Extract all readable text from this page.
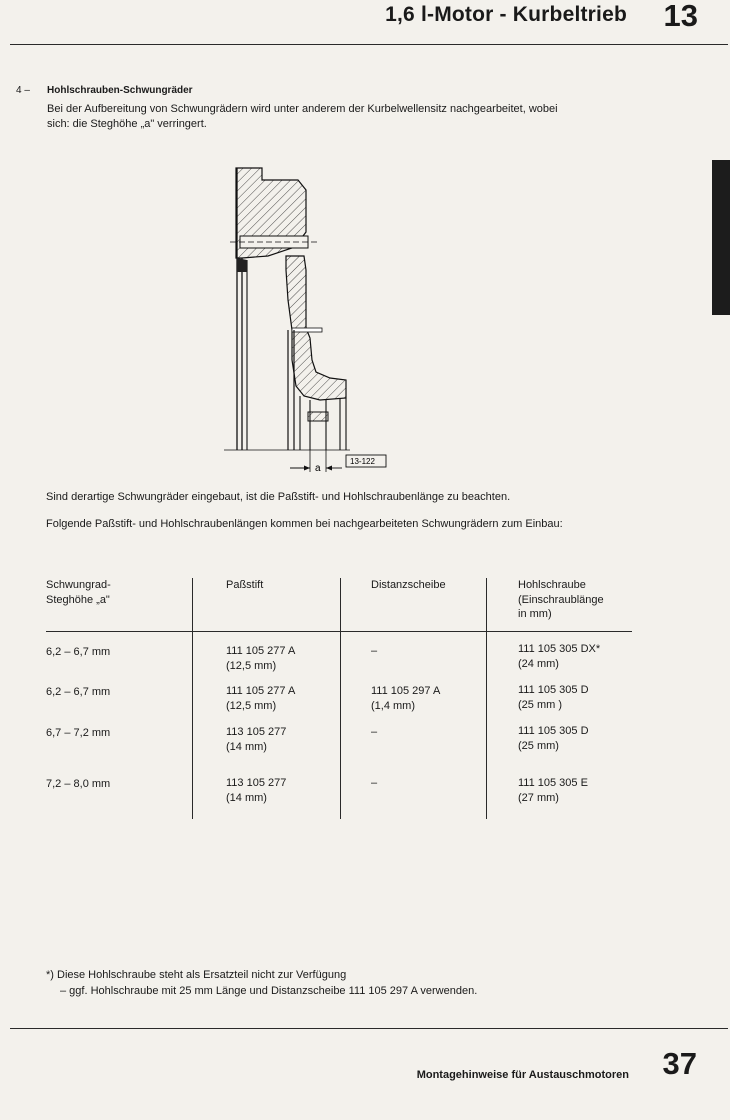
1,6 l-Motor - Kurbeltrieb 13
4 – Hohlschrauben-Schwungräder
Bei der Aufbereitung von Schwungrädern wird unter anderem der Kurbelwellensitz nachgearbeitet, wobei
sich: die Steghöhe „a" verringert.
a
13-122
Sind derartige Schwungräder eingebaut, ist die Paßstift- und Hohlschraubenlänge zu beachten.
Folgende Paßstift- und Hohlschraubenlängen kommen bei nachgearbeiteten Schwungrädern zum Einbau:
Schwungrad-
Steghöhe „a"
Paßstift	Distanzscheibe	Hohlschraube
(Einschraublänge
in mm)
6,2 – 6,7 mm	111 105 277 A
(12,5 mm)
–	111 105 305 DX*
(24 mm)
6,2 – 6,7 mm	111 105 277 A
(12,5 mm)
111 105 297 A
(1,4 mm)
111 105 305 D
(25 mm )
6,7 – 7,2 mm	113 105 277
(14 mm)
–	111 105 305 D
(25 mm)
7,2 – 8,0 mm	113 105 277
(14 mm)
–	111 105 305 E
(27 mm)
*) Diese Hohlschraube steht als Ersatzteil nicht zur Verfügung
– ggf. Hohlschraube mit 25 mm Länge und Distanzscheibe 111 105 297 A verwenden.
Montagehinweise für Austauschmotoren 37
